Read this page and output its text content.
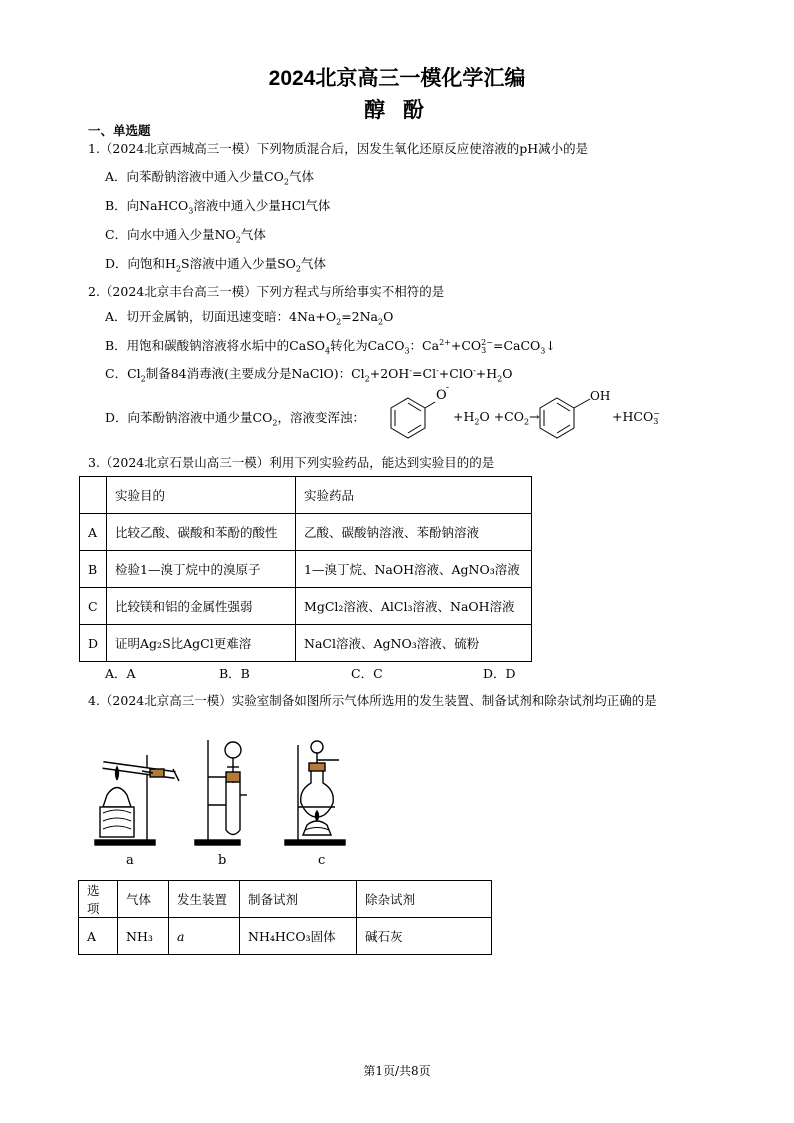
2024北京高三一模化学汇编
醇 酚
一、单选题
1.（2024北京西城高三一模）下列物质混合后，因发生氧化还原反应使溶液的pH减小的是
A．向苯酚钠溶液中通入少量$CO_2$气体
B．向NaHCO$_3$溶液中通入少量HCl气体
C．向水中通入少量$NO_2$气体
D．向饱和$H_2S$溶液中通入少量$SO_2$气体
2.（2024北京丰台高三一模）下列方程式与所给事实不相符的是
A．切开金属钠，切面迅速变暗：$4Na+O_2=2Na_2O$
B．用饱和碳酸钠溶液将水垢中的CaSO$_4$转化为CaCO$_3$：$Ca^{2+}+CO$ 2−
3 =CaCO$_3$↓
C．$Cl_2$制备84消毒液(主要成分是NaClO)：$Cl_2+2OH^-=Cl^-+ClO^-+H_2O$
D．向苯酚钠溶液中通少量$CO_2$，溶液变浑浊：
O -
$+H_2O +CO_2\to$
OH
+HCO −
3
3.（2024北京石景山高三一模）利用下列实验药品，能达到实验目的的是
	实验目的	实验药品
A	比较乙酸、碳酸和苯酚的酸性	乙酸、碳酸钠溶液、苯酚钠溶液
B	检验1—溴丁烷中的溴原子	1—溴丁烷、NaOH溶液、AgNO₃溶液
C	比较镁和铝的金属性强弱	MgCl₂溶液、AlCl₃溶液、NaOH溶液
D	证明Ag₂S比AgCl更难溶	NaCl溶液、AgNO₃溶液、硫粉
A．A	B．B	C．C	D．D
4.（2024北京高三一模）实验室制备如图所示气体所选用的发生装置、制备试剂和除杂试剂均正确的是
a	b	c
选项	气体	发生装置	制备试剂	除杂试剂
A	NH₃	a	NH₄HCO₃固体	碱石灰
第1页/共8页
